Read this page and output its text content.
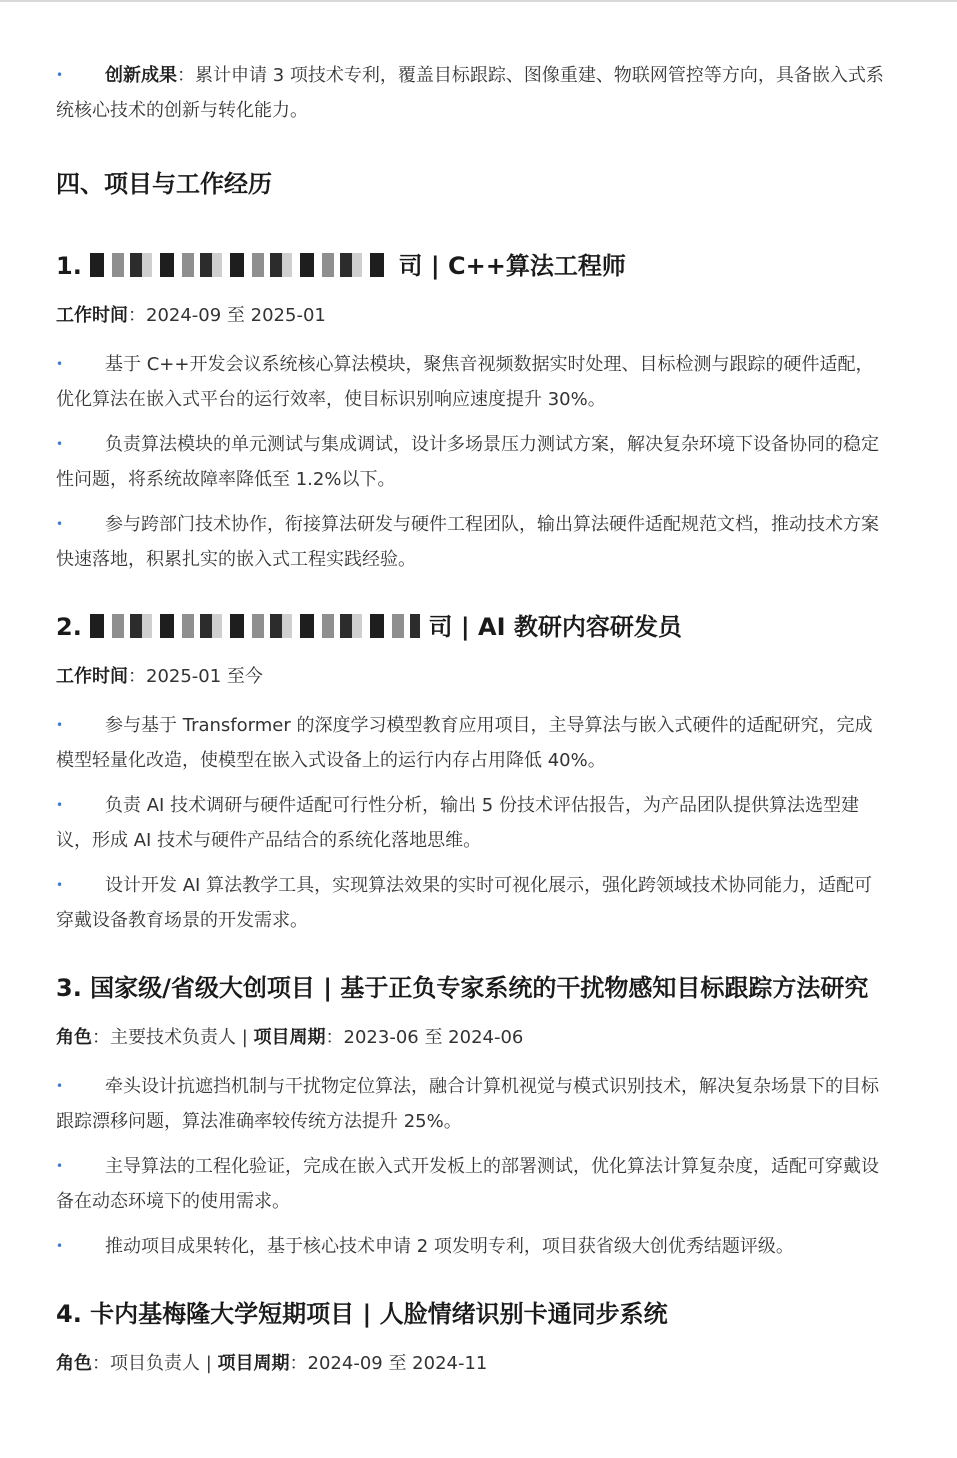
• 创新成果：累计申请 3 项技术专利，覆盖目标跟踪、图像重建、物联网管控等方向，具备嵌入式系统核心技术的创新与转化能力。

四、项目与工作经历
1.	司 | C++算法工程师

工作时间：2024-09 至 2025-01

• 基于 C++开发会议系统核心算法模块，聚焦音视频数据实时处理、目标检测与跟踪的硬件适配，优化算法在嵌入式平台的运行效率，使目标识别响应速度提升 30%。

• 负责算法模块的单元测试与集成调试，设计多场景压力测试方案，解决复杂环境下设备协同的稳定性问题，将系统故障率降低至 1.2%以下。

• 参与跨部门技术协作，衔接算法研发与硬件工程团队，输出算法硬件适配规范文档，推动技术方案快速落地，积累扎实的嵌入式工程实践经验。

2.	司 | AI 教研内容研发员

工作时间：2025-01 至今

• 参与基于 Transformer 的深度学习模型教育应用项目，主导算法与嵌入式硬件的适配研究，完成模型轻量化改造，使模型在嵌入式设备上的运行内存占用降低 40%。

• 负责 AI 技术调研与硬件适配可行性分析，输出 5 份技术评估报告，为产品团队提供算法选型建议，形成 AI 技术与硬件产品结合的系统化落地思维。

• 设计开发 AI 算法教学工具，实现算法效果的实时可视化展示，强化跨领域技术协同能力，适配可穿戴设备教育场景的开发需求。

3. 国家级/省级大创项目 | 基于正负专家系统的干扰物感知目标跟踪方法研究

角色：主要技术负责人 | 项目周期：2023-06 至 2024-06

• 牵头设计抗遮挡机制与干扰物定位算法，融合计算机视觉与模式识别技术，解决复杂场景下的目标跟踪漂移问题，算法准确率较传统方法提升 25%。

• 主导算法的工程化验证，完成在嵌入式开发板上的部署测试，优化算法计算复杂度，适配可穿戴设备在动态环境下的使用需求。

• 推动项目成果转化，基于核心技术申请 2 项发明专利，项目获省级大创优秀结题评级。

4. 卡内基梅隆大学短期项目 | 人脸情绪识别卡通同步系统

角色：项目负责人 | 项目周期：2024-09 至 2024-11
